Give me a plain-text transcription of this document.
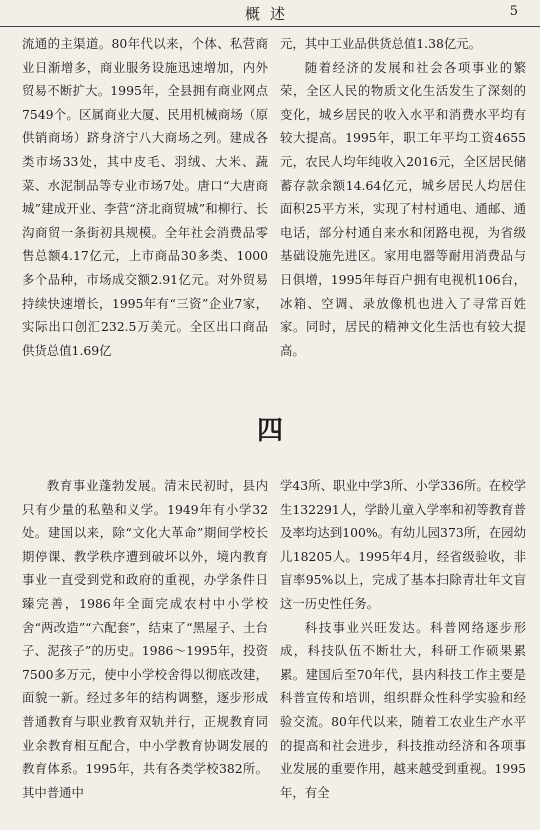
概述	5

流通的主渠道。80年代以来，个体、私营商业日渐增多，商业服务设施迅速增加，内外贸易不断扩大。1995年，全县拥有商业网点7549个。区属商业大厦、民用机械商场（原供销商场）跻身济宁八大商场之列。建成各类市场33处，其中皮毛、羽绒、大米、蔬菜、水泥制品等专业市场7处。唐口“大唐商城”建成开业、李营“济北商贸城”和柳行、长沟商贸一条街初具规模。全年社会消费品零售总额4.17亿元，上市商品30多类、1000多个品种，市场成交额2.91亿元。对外贸易持续快速增长，1995年有“三资”企业7家，实际出口创汇232.5万美元。全区出口商品供货总值1.69亿

元，其中工业品供货总值1.38亿元。

随着经济的发展和社会各项事业的繁荣，全区人民的物质文化生活发生了深刻的变化，城乡居民的收入水平和消费水平均有较大提高。1995年，职工年平均工资4655元，农民人均年纯收入2016元，全区居民储蓄存款余额14.64亿元，城乡居民人均居住面积25平方米，实现了村村通电、通邮、通电话，部分村通自来水和闭路电视，为省级基础设施先进区。家用电器等耐用消费品与日俱增，1995年每百户拥有电视机106台，冰箱、空调、录放像机也进入了寻常百姓家。同时，居民的精神文化生活也有较大提高。

四

教育事业蓬勃发展。清末民初时，县内只有少量的私塾和义学。1949年有小学32处。建国以来，除“文化大革命”期间学校长期停课、教学秩序遭到破坏以外，境内教育事业一直受到党和政府的重视，办学条件日臻完善，1986年全面完成农村中小学校舍“两改造”“六配套”，结束了“黑屋子、土台子、泥孩子”的历史。1986～1995年，投资7500多万元，使中小学校舍得以彻底改建，面貌一新。经过多年的结构调整，逐步形成普通教育与职业教育双轨并行，正规教育同业余教育相互配合，中小学教育协调发展的教育体系。1995年，共有各类学校382所。其中普通中

学43所、职业中学3所、小学336所。在校学生132291人，学龄儿童入学率和初等教育普及率均达到100%。有幼儿园373所，在园幼儿18205人。1995年4月，经省级验收，非盲率95%以上，完成了基本扫除青壮年文盲这一历史性任务。

科技事业兴旺发达。科普网络逐步形成，科技队伍不断壮大，科研工作硕果累累。建国后至70年代，县内科技工作主要是科普宣传和培训，组织群众性科学实验和经验交流。80年代以来，随着工农业生产水平的提高和社会进步，科技推动经济和各项事业发展的重要作用，越来越受到重视。1995年，有全
